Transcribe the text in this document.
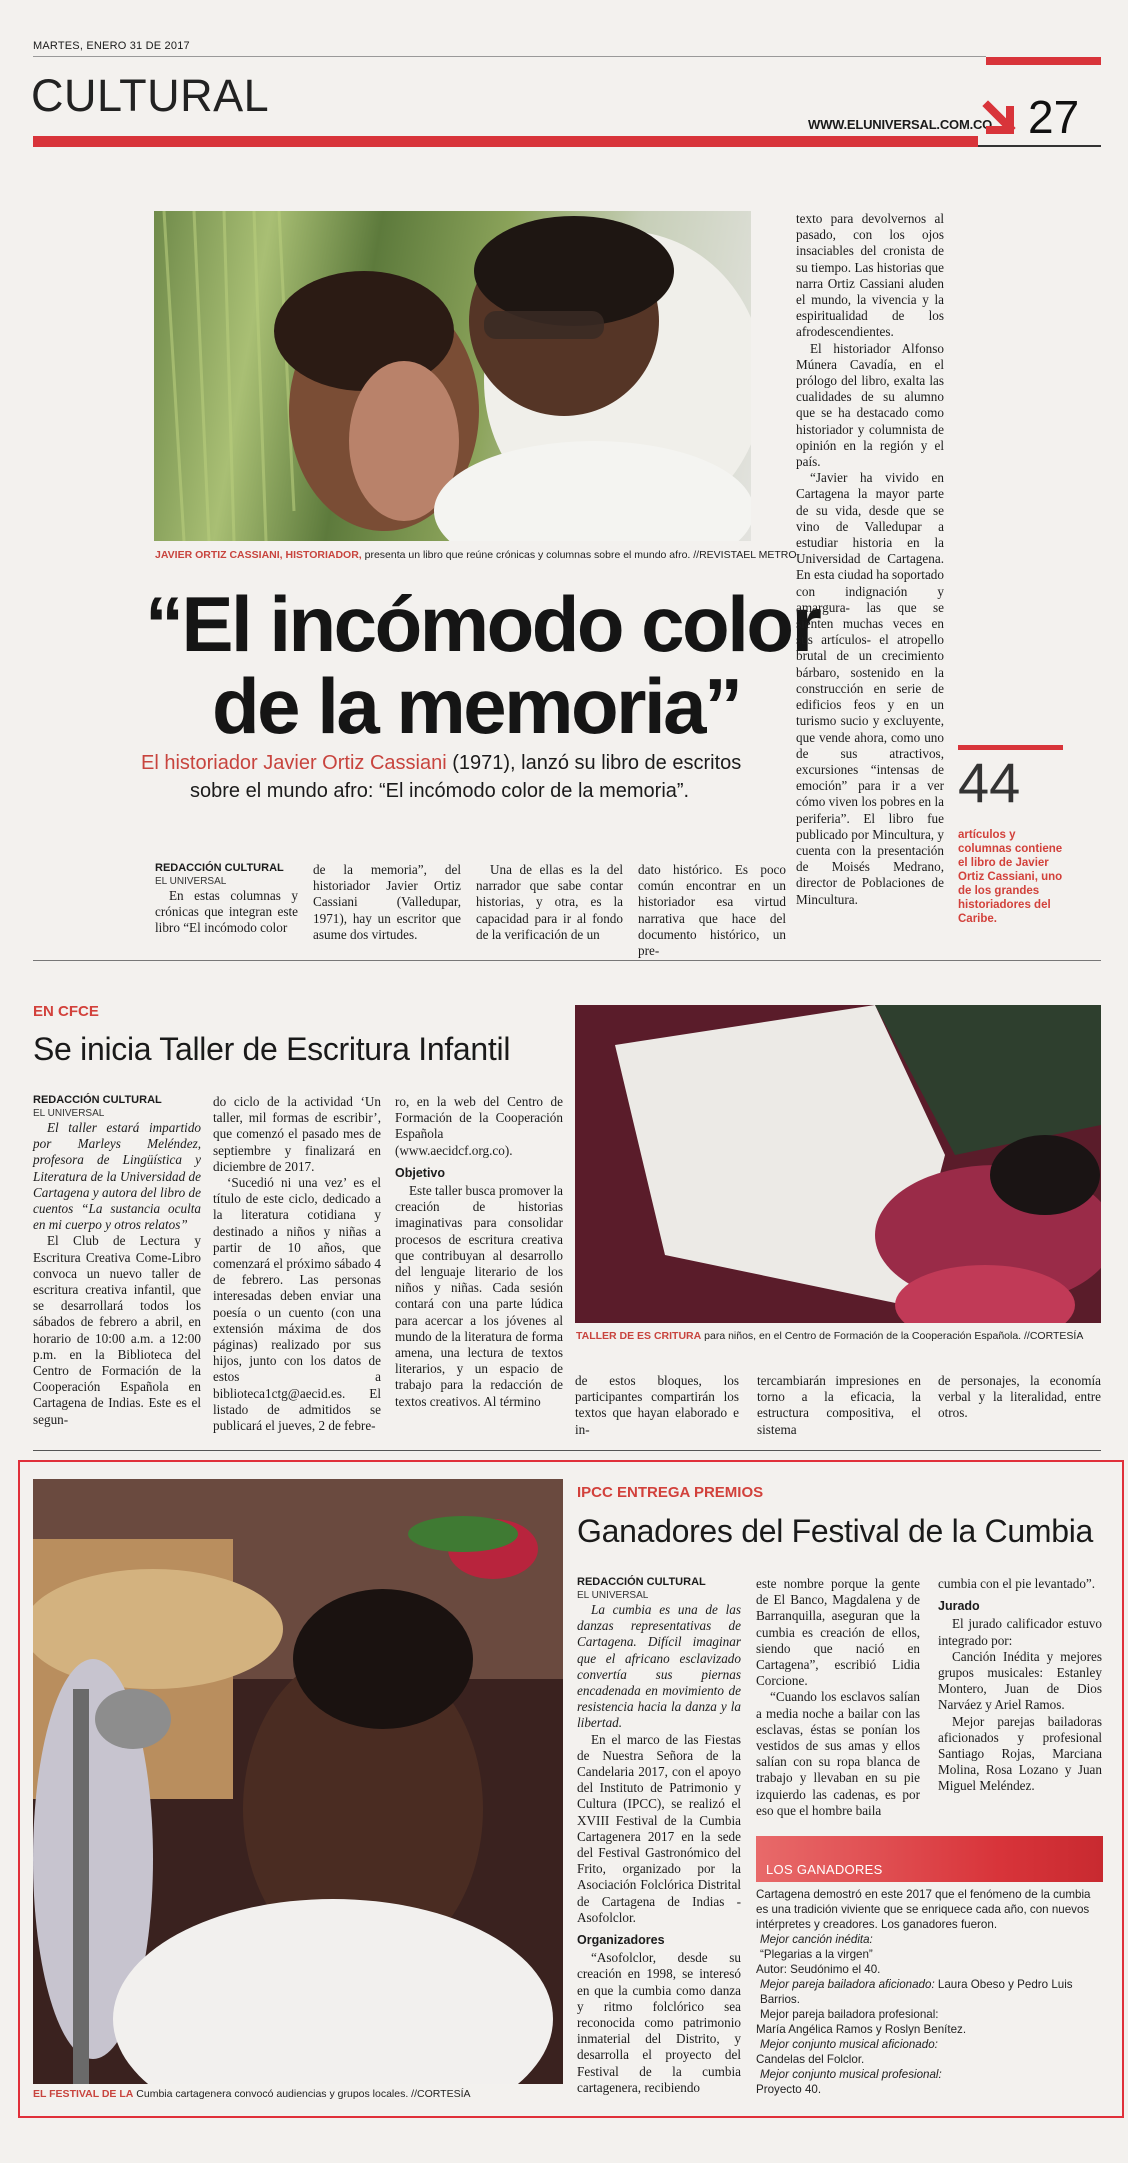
MARTES, ENERO 31 DE 2017
CULTURAL
WWW.ELUNIVERSAL.COM.CO 27
JAVIER ORTIZ CASSIANI, HISTORIADOR, presenta un libro que reúne crónicas y columnas sobre el mundo afro. //REVISTAEL METRO
“El incómodo color
de la memoria”
El historiador Javier Ortiz Cassiani (1971), lanzó su libro de escritos
sobre el mundo afro: “El incómodo color de la memoria”.
REDACCIÓN CULTURAL
EL UNIVERSAL

En estas columnas y crónicas que integran este libro “El incómodo color

de la memoria”, del historiador Javier Ortiz Cassiani (Valledupar, 1971), hay un escritor que asume dos virtudes.

Una de ellas es la del narrador que sabe contar historias, y otra, es la capacidad para ir al fondo de la verificación de un

dato histórico. Es poco común encontrar en un historiador esa virtud narrativa que hace del documento histórico, un pre-

texto para devolvernos al pasado, con los ojos insaciables del cronista de su tiempo. Las historias que narra Ortiz Cassiani aluden el mundo, la vivencia y la espiritualidad de los afrodescendientes.

El historiador Alfonso Múnera Cavadía, en el prólogo del libro, exalta las cualidades de su alumno que se ha destacado como historiador y columnista de opinión en la región y el país.

“Javier ha vivido en Cartagena la mayor parte de su vida, desde que se vino de Valledupar a estudiar historia en la Universidad de Cartagena. En esta ciudad ha soportado con indignación y amargura- las que se sienten muchas veces en sus artículos- el atropello brutal de un crecimiento bárbaro, sostenido en la construcción en serie de edificios feos y en un turismo sucio y excluyente, que vende ahora, como uno de sus atractivos, excursiones “intensas de emoción” para ir a ver cómo viven los pobres en la periferia”. El libro fue publicado por Mincultura, y cuenta con la presentación de Moisés Medrano, director de Poblaciones de Mincultura.

44
artículos y columnas contiene el libro de Javier Ortiz Cassiani, uno de los grandes historiadores del Caribe.
EN CFCE
Se inicia Taller de Escritura Infantil
REDACCIÓN CULTURAL
EL UNIVERSAL

El taller estará impartido por Marleys Meléndez, profesora de Lingüística y Literatura de la Universidad de Cartagena y autora del libro de cuentos “La sustancia oculta en mi cuerpo y otros relatos”

El Club de Lectura y Escritura Creativa Come-Libro convoca un nuevo taller de escritura creativa infantil, que se desarrollará todos los sábados de febrero a abril, en horario de 10:00 a.m. a 12:00 p.m. en la Biblioteca del Centro de Formación de la Cooperación Española en Cartagena de Indias. Este es el segun-

do ciclo de la actividad ‘Un taller, mil formas de escribir’, que comenzó el pasado mes de septiembre y finalizará en diciembre de 2017.

‘Sucedió ni una vez’ es el título de este ciclo, dedicado a la literatura cotidiana y destinado a niños y niñas a partir de 10 años, que comenzará el próximo sábado 4 de febrero. Las personas interesadas deben enviar una poesía o un cuento (con una extensión máxima de dos páginas) realizado por sus hijos, junto con los datos de estos a biblioteca1ctg@aecid.es. El listado de admitidos se publicará el jueves, 2 de febre-

ro, en la web del Centro de Formación de la Cooperación Española (www.aecidcf.org.co).

Objetivo

Este taller busca promover la creación de historias imaginativas para consolidar procesos de escritura creativa que contribuyan al desarrollo del lenguaje literario de los niños y niñas. Cada sesión contará con una parte lúdica para acercar a los jóvenes al mundo de la literatura de forma amena, una lectura de textos literarios, y un espacio de trabajo para la redacción de textos creativos. Al término

TALLER DE ES CRITURA para niños, en el Centro de Formación de la Cooperación Española. //CORTESÍA

de estos bloques, los participantes compartirán los textos que hayan elaborado e in-

tercambiarán impresiones en torno a la eficacia, la estructura compositiva, el sistema

de personajes, la economía verbal y la literalidad, entre otros.

EL FESTIVAL DE LA Cumbia cartagenera convocó audiencias y grupos locales. //CORTESÍA
IPCC ENTREGA PREMIOS
Ganadores del Festival de la Cumbia
REDACCIÓN CULTURAL
EL UNIVERSAL

La cumbia es una de las danzas representativas de Cartagena. Difícil imaginar que el africano esclavizado convertía sus piernas encadenada en movimiento de resistencia hacia la danza y la libertad.

En el marco de las Fiestas de Nuestra Señora de la Candelaria 2017, con el apoyo del Instituto de Patrimonio y Cultura (IPCC), se realizó el XVIII Festival de la Cumbia Cartagenera 2017 en la sede del Festival Gastronómico del Frito, organizado por la Asociación Folclórica Distrital de Cartagena de Indias - Asofolclor.

Organizadores

“Asofolclor, desde su creación en 1998, se interesó en que la cumbia como danza y ritmo folclórico sea reconocida como patrimonio inmaterial del Distrito, y desarrolla el proyecto del Festival de la cumbia cartagenera, recibiendo

este nombre porque la gente de El Banco, Magdalena y de Barranquilla, aseguran que la cumbia es creación de ellos, siendo que nació en Cartagena”, escribió Lidia Corcione.

“Cuando los esclavos salían a media noche a bailar con las esclavas, éstas se ponían los vestidos de sus amas y ellos salían con su ropa blanca de trabajo y llevaban en su pie izquierdo las cadenas, es por eso que el hombre baila

cumbia con el pie levantado”.

Jurado

El jurado calificador estuvo integrado por:

Canción Inédita y mejores grupos musicales: Estanley Montero, Juan de Dios Narváez y Ariel Ramos.

Mejor parejas bailadoras aficionados y profesional Santiago Rojas, Marciana Molina, Rosa Lozano y Juan Miguel Meléndez.

LOS GANADORES
Cartagena demostró en este 2017 que el fenómeno de la cumbia es una tradición viviente que se enriquece cada año, con nuevos intérpretes y creadores. Los ganadores fueron.
Mejor canción inédita:
“Plegarias a la virgen”
Autor: Seudónimo el 40.
Mejor pareja bailadora aficionado: Laura Obeso y Pedro Luis Barrios.
Mejor pareja bailadora profesional:
María Angélica Ramos y Roslyn Benítez.
Mejor conjunto musical aficionado:
Candelas del Folclor.
Mejor conjunto musical profesional:
Proyecto 40.
